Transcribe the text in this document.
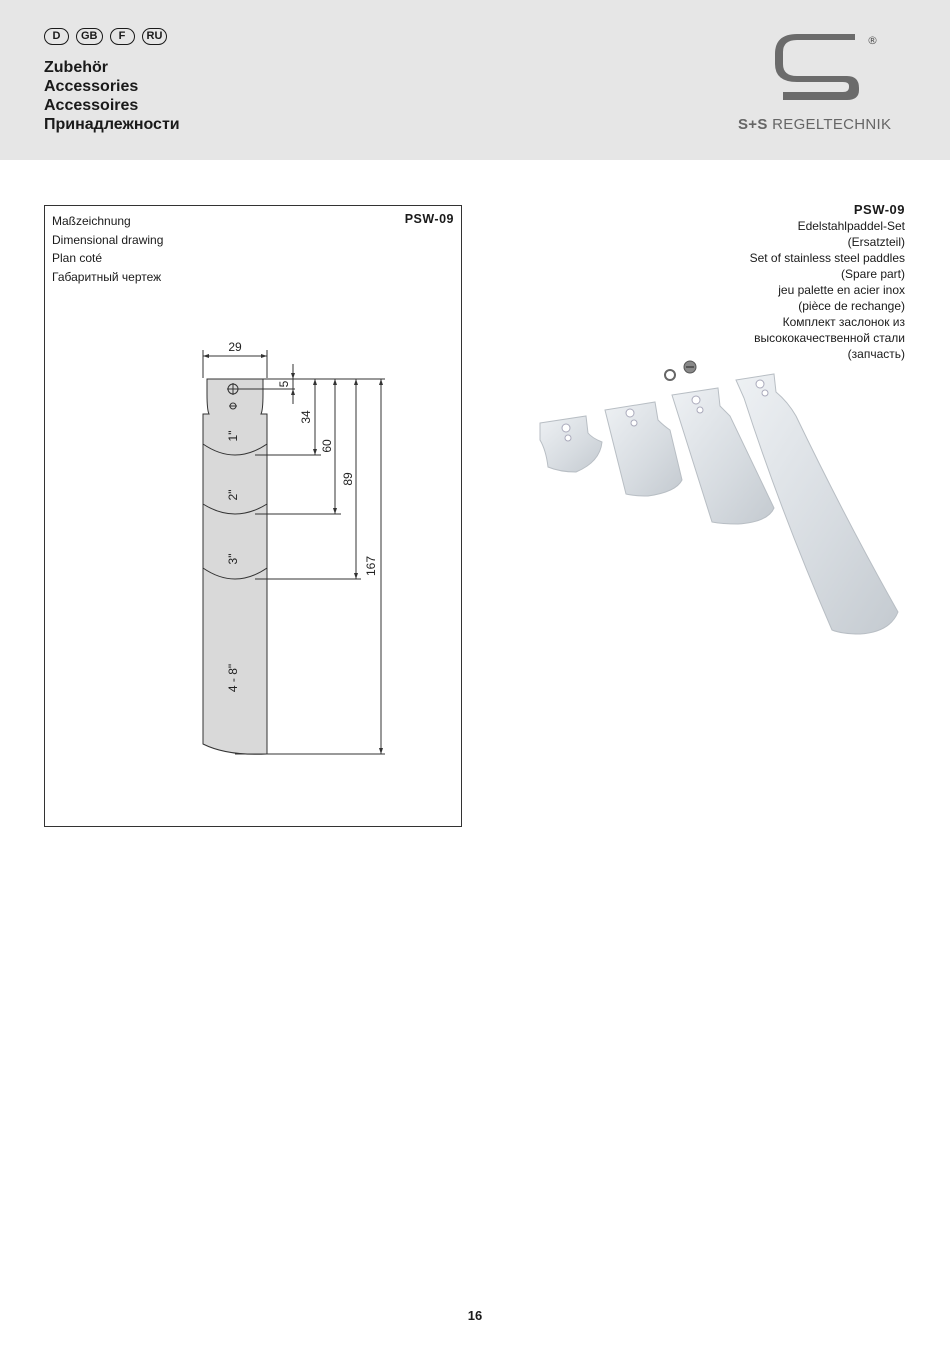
D	GB	F	RU
Zubehör
Accessories
Accessoires
Принадлежности
®
S+S REGELTECHNIK
Maßzeichnung
Dimensional drawing
Plan coté
Габаритный чертеж
PSW-09
29
5
34
60
89
167
1"
2"
3"
4 - 8"
PSW-09
Edelstahlpaddel-Set
(Ersatzteil)
Set of stainless steel paddles
(Spare part)
jeu palette en acier inox
(pièce de rechange)
Комплект заслонок из
высококачественной стали
(запчасть)
16
